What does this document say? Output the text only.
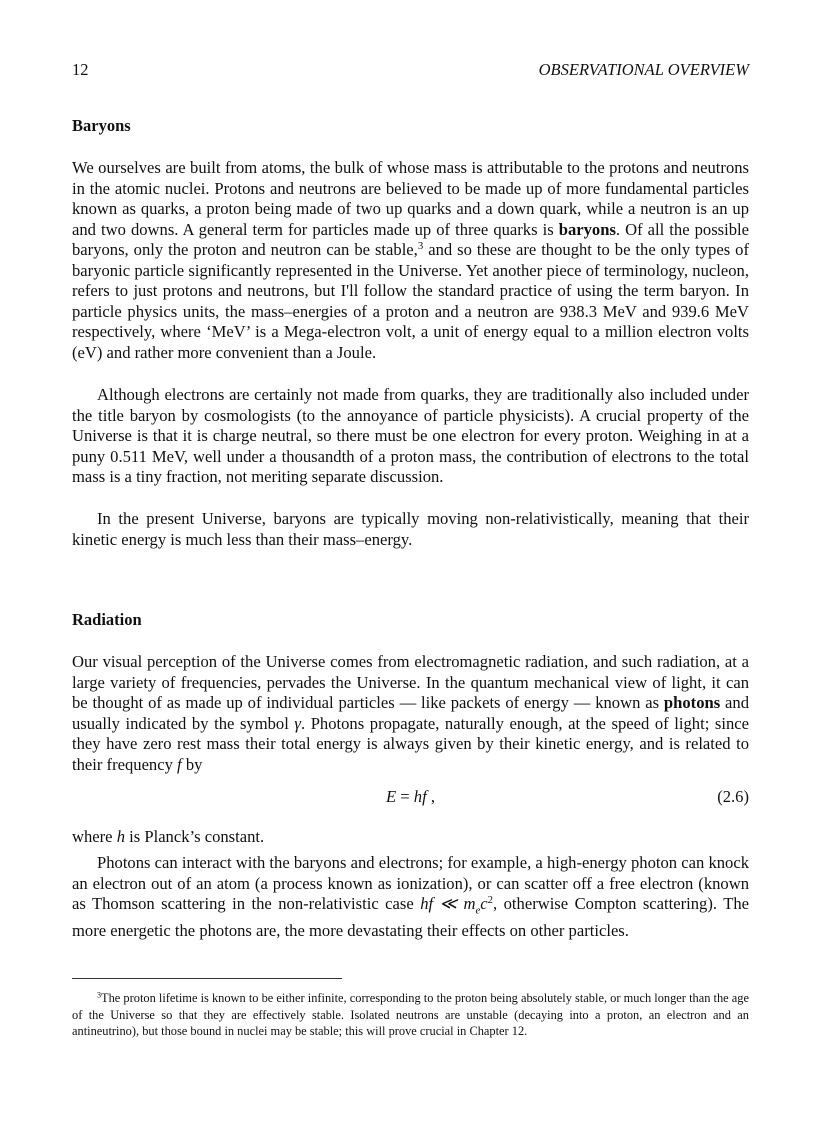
12	OBSERVATIONAL OVERVIEW
Baryons

We ourselves are built from atoms, the bulk of whose mass is attributable to the protons and neutrons in the atomic nuclei. Protons and neutrons are believed to be made up of more fundamental particles known as quarks, a proton being made of two up quarks and a down quark, while a neutron is an up and two downs. A general term for particles made up of three quarks is baryons. Of all the possible baryons, only the proton and neutron can be stable,$^3$ and so these are thought to be the only types of baryonic particle significantly represented in the Universe. Yet another piece of terminology, nucleon, refers to just protons and neutrons, but I'll follow the standard practice of using the term baryon. In particle physics units, the mass–energies of a proton and a neutron are 938.3 MeV and 939.6 MeV respectively, where ‘MeV’ is a Mega-electron volt, a unit of energy equal to a million electron volts (eV) and rather more convenient than a Joule.

Although electrons are certainly not made from quarks, they are traditionally also included under the title baryon by cosmologists (to the annoyance of particle physicists). A crucial property of the Universe is that it is charge neutral, so there must be one electron for every proton. Weighing in at a puny 0.511 MeV, well under a thousandth of a proton mass, the contribution of electrons to the total mass is a tiny fraction, not meriting separate discussion.

In the present Universe, baryons are typically moving non-relativistically, meaning that their kinetic energy is much less than their mass–energy.

Radiation

Our visual perception of the Universe comes from electromagnetic radiation, and such radiation, at a large variety of frequencies, pervades the Universe. In the quantum mechanical view of light, it can be thought of as made up of individual particles — like packets of energy — known as photons and usually indicated by the symbol γ. Photons propagate, naturally enough, at the speed of light; since they have zero rest mass their total energy is always given by their kinetic energy, and is related to their frequency f by

E = hf ,	(2.6)

where h is Planck’s constant.

Photons can interact with the baryons and electrons; for example, a high-energy photon can knock an electron out of an atom (a process known as ionization), or can scatter off a free electron (known as Thomson scattering in the non-relativistic case hf ≪ $m_ec^2$, otherwise Compton scattering). The more energetic the photons are, the more devastating their effects on other particles.

$^3$The proton lifetime is known to be either infinite, corresponding to the proton being absolutely stable, or much longer than the age of the Universe so that they are effectively stable. Isolated neutrons are unstable (decaying into a proton, an electron and an antineutrino), but those bound in nuclei may be stable; this will prove crucial in Chapter 12.
